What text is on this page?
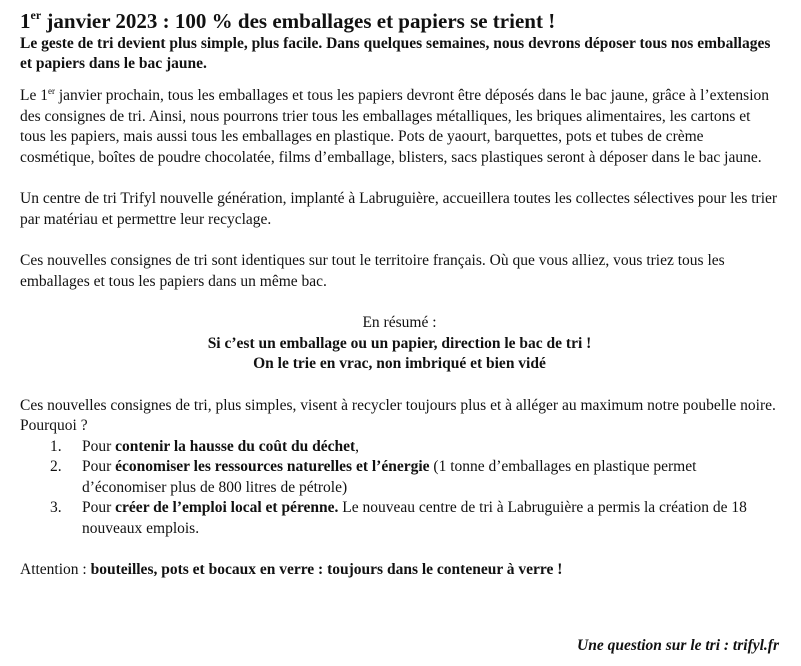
1er janvier 2023 : 100 % des emballages et papiers se trient !
Le geste de tri devient plus simple, plus facile. Dans quelques semaines, nous devrons déposer tous nos emballages et papiers dans le bac jaune.

Le 1er janvier prochain, tous les emballages et tous les papiers devront être déposés dans le bac jaune, grâce à l’extension des consignes de tri. Ainsi, nous pourrons trier tous les emballages métalliques, les briques alimentaires, les cartons et tous les papiers, mais aussi tous les emballages en plastique. Pots de yaourt, barquettes, pots et tubes de crème cosmétique, boîtes de poudre chocolatée, films d’emballage, blisters, sacs plastiques seront à déposer dans le bac jaune.

Un centre de tri Trifyl nouvelle génération, implanté à Labruguière, accueillera toutes les collectes sélectives pour les trier par matériau et permettre leur recyclage.

Ces nouvelles consignes de tri sont identiques sur tout le territoire français. Où que vous alliez, vous triez tous les emballages et tous les papiers dans un même bac.

En résumé :
Si c’est un emballage ou un papier, direction le bac de tri !
On le trie en vrac, non imbriqué et bien vidé

Ces nouvelles consignes de tri, plus simples, visent à recycler toujours plus et à alléger au maximum notre poubelle noire. Pourquoi ?

1. Pour contenir la hausse du coût du déchet,
2. Pour économiser les ressources naturelles et l’énergie (1 tonne d’emballages en plastique permet d’économiser plus de 800 litres de pétrole)
3. Pour créer de l’emploi local et pérenne. Le nouveau centre de tri à Labruguière a permis la création de 18 nouveaux emplois.

Attention : bouteilles, pots et bocaux en verre : toujours dans le conteneur à verre !

Une question sur le tri : trifyl.fr
